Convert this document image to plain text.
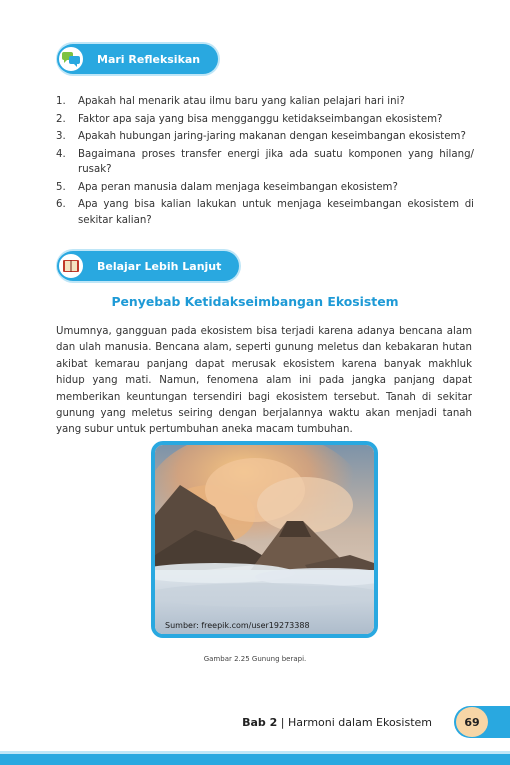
Mari Refleksikan
1.	Apakah hal menarik atau ilmu baru yang kalian pelajari hari ini?
2.	Faktor apa saja yang bisa mengganggu ketidakseimbangan ekosistem?
3.	Apakah hubungan jaring-jaring makanan dengan keseimbangan ekosistem?
4.	Bagaimana proses transfer energi jika ada suatu komponen yang hilang/ rusak?
5.	Apa peran manusia dalam menjaga keseimbangan ekosistem?
6.	Apa yang bisa kalian lakukan untuk menjaga keseimbangan ekosistem di sekitar kalian?
Belajar Lebih Lanjut
Penyebab Ketidakseimbangan Ekosistem

Umumnya, gangguan pada ekosistem bisa terjadi karena adanya bencana alam dan ulah manusia. Bencana alam, seperti gunung meletus dan kebakaran hutan akibat kemarau panjang dapat merusak ekosistem karena banyak makhluk hidup yang mati. Namun, fenomena alam ini pada jangka panjang dapat memberikan keuntungan tersendiri bagi ekosistem tersebut. Tanah di sekitar gunung yang meletus seiring dengan berjalannya waktu akan menjadi tanah yang subur untuk pertumbuhan aneka macam tumbuhan.

Sumber: freepik.com/user19273388
Gambar 2.25 Gunung berapi.
Bab 2 | Harmoni dalam Ekosistem	69
